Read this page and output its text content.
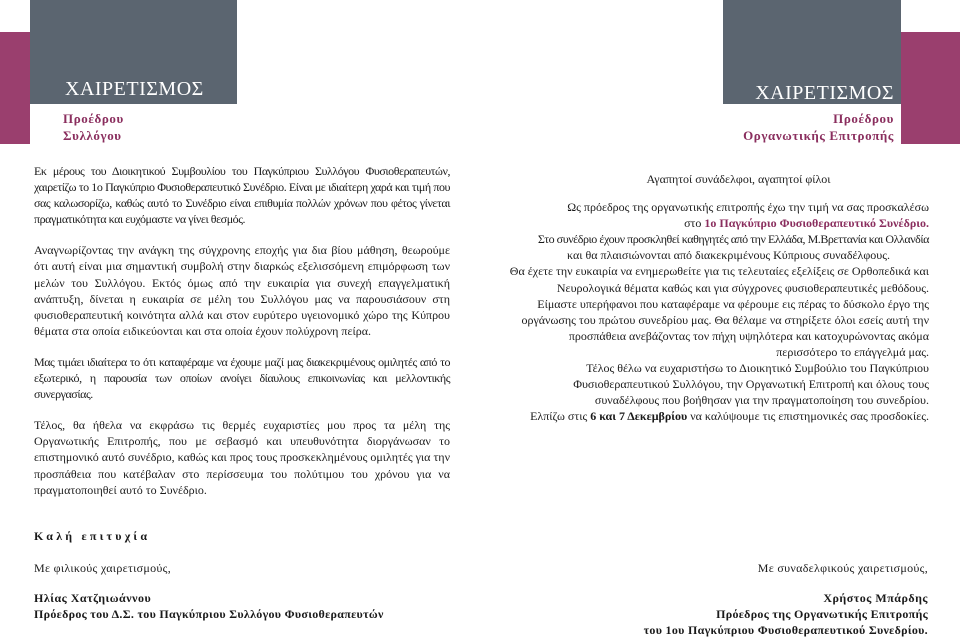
ΧΑΙΡΕΤΙΣΜΟΣ
Προέδρου
Συλλόγου
ΧΑΙΡΕΤΙΣΜΟΣ
Προέδρου
Οργανωτικής Επιτροπής

Εκ μέρους του Διοικητικού Συμβουλίου του Παγκύπριου Συλλόγου Φυσιοθεραπευτών, χαιρετίζω το 1ο Παγκύπριο Φυσιοθεραπευτικό Συνέδριο. Είναι με ιδιαίτερη χαρά και τιμή που σας καλωσορίζω, καθώς αυτό το Συνέδριο είναι επιθυμία πολλών χρόνων που φέτος γίνεται πραγματικότητα και ευχόμαστε να γίνει θεσμός.

Αναγνωρίζοντας την ανάγκη της σύγχρονης εποχής για δια βίου μάθηση, θεωρούμε ότι αυτή είναι μια σημαντική συμβολή στην διαρκώς εξελισσόμενη επιμόρφωση των μελών του Συλλόγου. Εκτός όμως από την ευκαιρία για συνεχή επαγγελματική ανάπτυξη, δίνεται η ευκαιρία σε μέλη του Συλλόγου μας να παρουσιάσουν στη φυσιοθεραπευτική κοινότητα αλλά και στον ευρύτερο υγειονομικό χώρο της Κύπρου θέματα στα οποία ειδικεύονται και στα οποία έχουν πολύχρονη πείρα.

Μας τιμάει ιδιαίτερα το ότι καταφέραμε να έχουμε μαζί μας διακεκριμένους ομιλητές από το εξωτερικό, η παρουσία των οποίων ανοίγει δίαυλους επικοινωνίας και μελλοντικής συνεργασίας.

Τέλος, θα ήθελα να εκφράσω τις θερμές ευχαριστίες μου προς τα μέλη της Οργανωτικής Επιτροπής, που με σεβασμό και υπευθυνότητα διοργάνωσαν το επιστημονικό αυτό συνέδριο, καθώς και προς τους προσκεκλημένους ομιλητές για την προσπάθεια που κατέβαλαν στο περίσσευμα του πολύτιμου του χρόνου για να πραγματοποιηθεί αυτό το Συνέδριο.

Καλή επιτυχία
Με φιλικούς χαιρετισμούς,
Ηλίας Χατζηιωάννου
Πρόεδρος του Δ.Σ. του Παγκύπριου Συλλόγου Φυσιοθεραπευτών

Αγαπητοί συνάδελφοι, αγαπητοί φίλοι

Ως πρόεδρος της οργανωτικής επιτροπής έχω την τιμή να σας προσκαλέσω
στο 1ο Παγκύπριο Φυσιοθεραπευτικό Συνέδριο.

Στο συνέδριο έχουν προσκληθεί καθηγητές από την Ελλάδα, Μ.Βρεττανία και Ολλανδία
και θα πλαισιώνονται από διακεκριμένους Κύπριους συναδέλφους.

Θα έχετε την ευκαιρία να ενημερωθείτε για τις τελευταίες εξελίξεις σε Ορθοπεδικά και Νευρολογικά θέματα καθώς και για σύγχρονες φυσιοθεραπευτικές μεθόδους.

Είμαστε υπερήφανοι που καταφέραμε να φέρουμε εις πέρας το δύσκολο έργο της οργάνωσης του πρώτου συνεδρίου μας. Θα θέλαμε να στηρίξετε όλοι εσείς αυτή την προσπάθεια ανεβάζοντας τον πήχη υψηλότερα και κατοχυρώνοντας ακόμα περισσότερο το επάγγελμά μας.

Τέλος θέλω να ευχαριστήσω το Διοικητικό Συμβούλιο του Παγκύπριου Φυσιοθεραπευτικού Συλλόγου, την Οργανωτική Επιτροπή και όλους τους συναδέλφους που βοήθησαν για την πραγματοποίηση του συνεδρίου.

Ελπίζω στις 6 και 7 Δεκεμβρίου να καλύψουμε τις επιστημονικές σας προσδοκίες.

Με συναδελφικούς χαιρετισμούς,
Χρήστος Μπάρδης
Πρόεδρος της Οργανωτικής Επιτροπής
του 1ου Παγκύπριου Φυσιοθεραπευτικού Συνεδρίου.
